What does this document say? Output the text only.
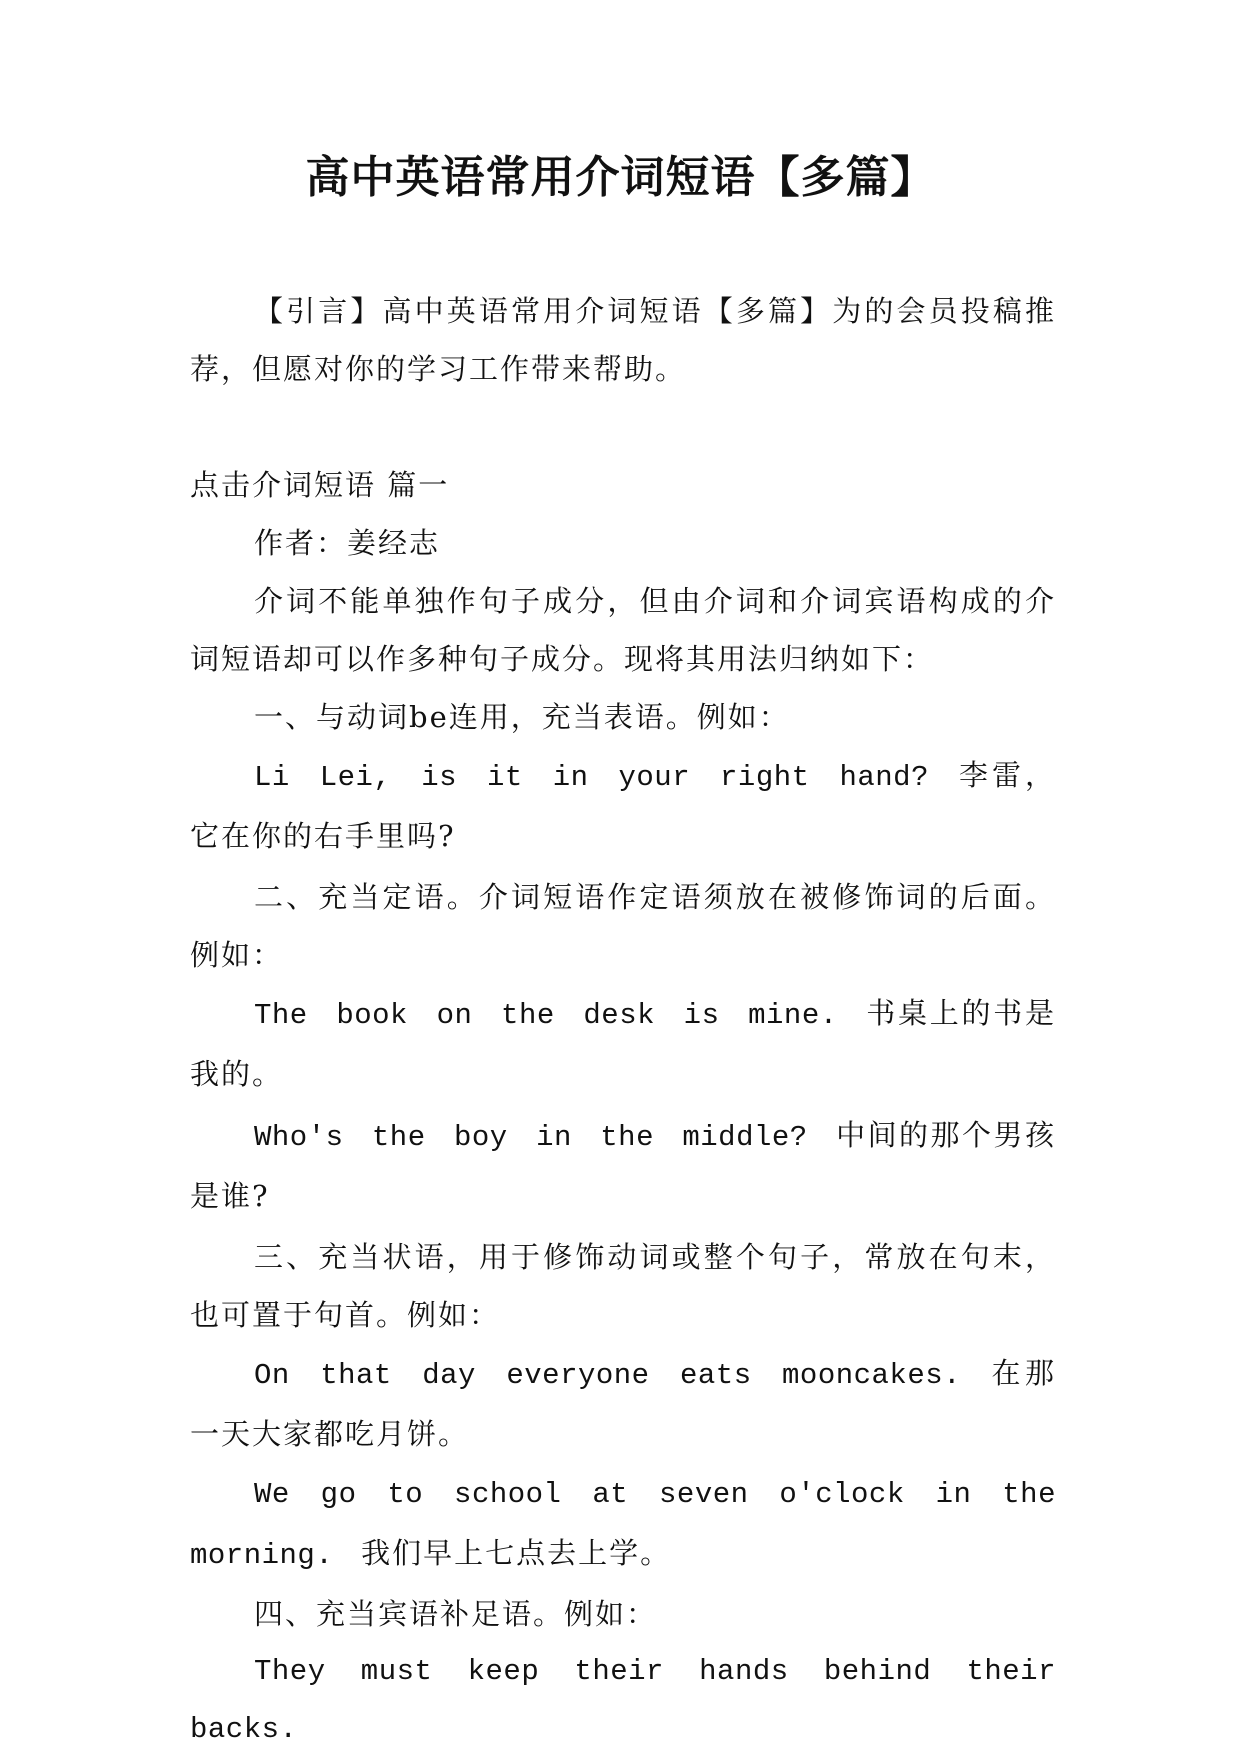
高中英语常用介词短语【多篇】

【引言】高中英语常用介词短语【多篇】为的会员投稿推荐，但愿对你的学习工作带来帮助。

点击介词短语 篇一

作者：姜经志

介词不能单独作句子成分，但由介词和介词宾语构成的介词短语却可以作多种句子成分。现将其用法归纳如下：

一、与动词be连用，充当表语。例如：

Li Lei, is it in your right hand? 李雷，它在你的右手里吗?

二、充当定语。介词短语作定语须放在被修饰词的后面。例如：

The book on the desk is mine. 书桌上的书是我的。

Who's the boy in the middle? 中间的那个男孩是谁?

三、充当状语，用于修饰动词或整个句子，常放在句末，也可置于句首。例如：

On that day everyone eats mooncakes. 在那一天大家都吃月饼。

We go to school at seven o'clock in the morning. 我们早上七点去上学。

四、充当宾语补足语。例如：

They must keep their hands behind their backs.
